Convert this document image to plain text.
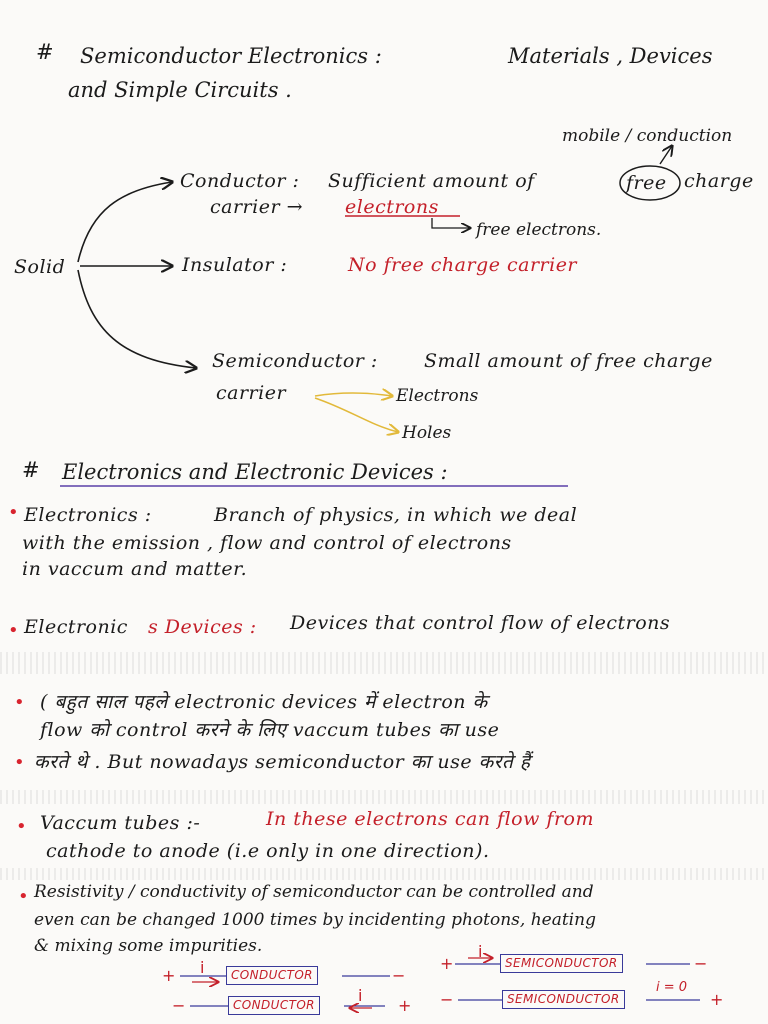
# Semiconductor Electronics :	Materials , Devices
and Simple Circuits .
mobile / conduction
Solid
Conductor : Sufficient amount of	free charge
carrier → electrons
free electrons.
Insulator :	No free charge carrier
Semiconductor : Small amount of free charge
carrier	Electrons
Holes
# Electronics and Electronic Devices :
• Electronics :	Branch of physics, in which we deal
with the emission , flow and control of electrons
in vaccum and matter.
• Electronic s Devices : Devices that control flow of electrons
• ( बहुत साल पहले electronic devices में electron के
flow को control करने के लिए vaccum tubes का use
• करते थे . But nowadays semiconductor का use करते हैं
• Vaccum tubes :-	In these electrons can flow from
cathode to anode (i.e only in one direction).
• Resistivity / conductivity of semiconductor can be controlled and
even can be changed 1000 times by incidenting photons, heating
& mixing some impurities.
+ i	CONDUCTOR	−
−	CONDUCTOR	i
+
+
i
SEMICONDUCTOR	−
−	SEMICONDUCTOR
i = 0
+
